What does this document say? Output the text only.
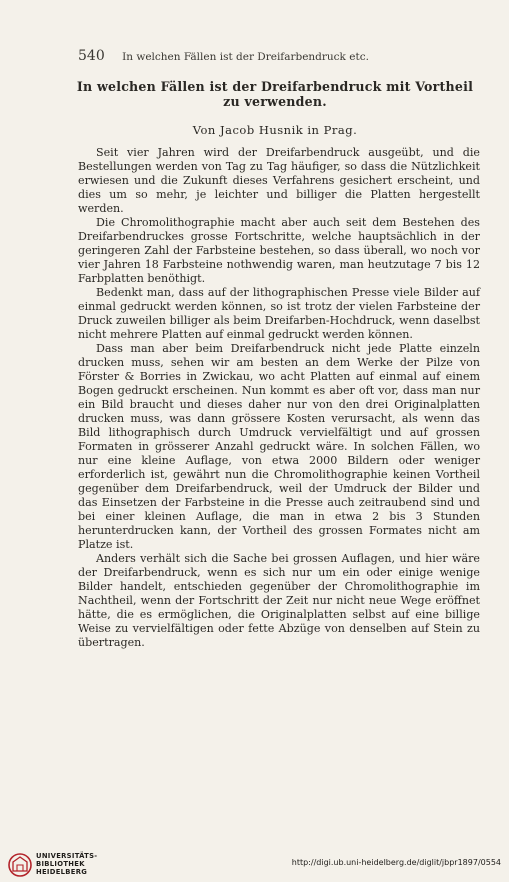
540 In welchen Fällen ist der Dreifarbendruck etc.
In welchen Fällen ist der Dreifarbendruck mit Vortheil
zu verwenden.
Von Jacob Husnik in Prag.

Seit vier Jahren wird der Dreifarbendruck ausgeübt, und die Bestellungen werden von Tag zu Tag häufiger, so dass die Nützlichkeit erwiesen und die Zukunft dieses Verfahrens gesichert erscheint, und dies um so mehr, je leichter und billiger die Platten hergestellt werden.

Die Chromolithographie macht aber auch seit dem Bestehen des Dreifarbendruckes grosse Fortschritte, welche hauptsächlich in der geringeren Zahl der Farbsteine bestehen, so dass überall, wo noch vor vier Jahren 18 Farbsteine nothwendig waren, man heutzutage 7 bis 12 Farbplatten benöthigt.

Bedenkt man, dass auf der lithographischen Presse viele Bilder auf einmal gedruckt werden können, so ist trotz der vielen Farbsteine der Druck zuweilen billiger als beim Dreifarben-Hochdruck, wenn daselbst nicht mehrere Platten auf einmal gedruckt werden können.

Dass man aber beim Dreifarbendruck nicht jede Platte einzeln drucken muss, sehen wir am besten an dem Werke der Pilze von Förster & Borries in Zwickau, wo acht Platten auf einmal auf einem Bogen gedruckt erscheinen. Nun kommt es aber oft vor, dass man nur ein Bild braucht und dieses daher nur von den drei Originalplatten drucken muss, was dann grössere Kosten verursacht, als wenn das Bild lithographisch durch Umdruck vervielfältigt und auf grossen Formaten in grösserer Anzahl gedruckt wäre. In solchen Fällen, wo nur eine kleine Auflage, von etwa 2000 Bildern oder weniger erforderlich ist, gewährt nun die Chromolithographie keinen Vortheil gegenüber dem Dreifarbendruck, weil der Umdruck der Bilder und das Einsetzen der Farbsteine in die Presse auch zeitraubend sind und bei einer kleinen Auflage, die man in etwa 2 bis 3 Stunden herunterdrucken kann, der Vortheil des grossen Formates nicht am Platze ist.

Anders verhält sich die Sache bei grossen Auflagen, und hier wäre der Dreifarbendruck, wenn es sich nur um ein oder einige wenige Bilder handelt, entschieden gegenüber der Chromolithographie im Nachtheil, wenn der Fortschritt der Zeit nur nicht neue Wege eröffnet hätte, die es ermöglichen, die Originalplatten selbst auf eine billige Weise zu vervielfältigen oder fette Abzüge von denselben auf Stein zu übertragen.

UNIVERSITÄTS-
BIBLIOTHEK
HEIDELBERG
http://digi.ub.uni-heidelberg.de/diglit/jbpr1897/0554
